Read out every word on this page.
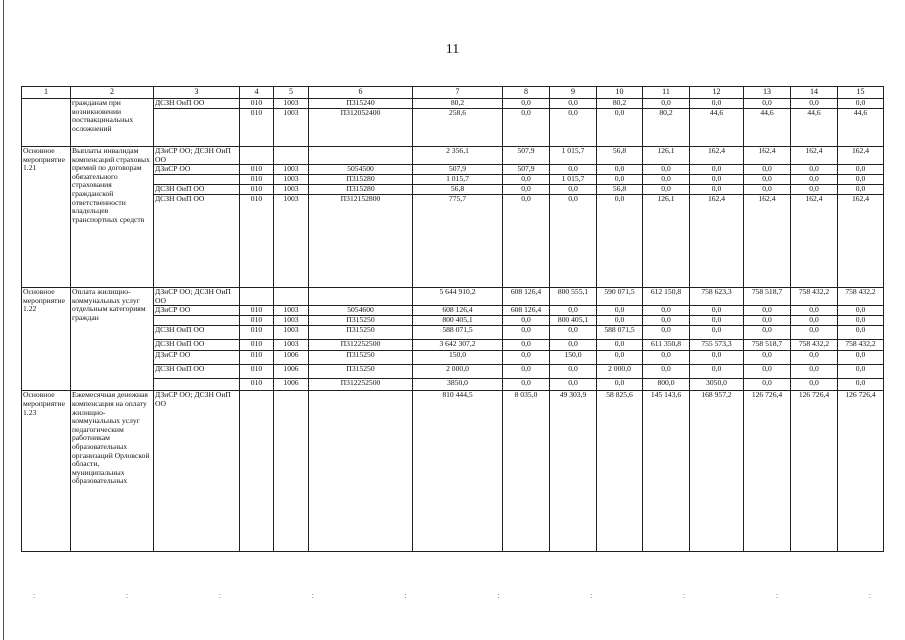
11
1	2	3	4	5	6	7	8	9	10	11	12	13	14	15
	гражданам при возникновении поствакцинальных осложнений	ДСЗН ОиП ОО	010	1003	П315240	80,2	0,0	0,0	80,2	0,0	0,0	0,0	0,0	0,0
			010	1003	П312052400	258,6	0,0	0,0	0,0	80,2	44,6	44,6	44,6	44,6
Основное мероприятие 1.21	Выплаты инвалидам компенсаций страховых премий по договорам обязательного страхования гражданской ответственности владельцев транспортных средств	ДЗиСР ОО; ДСЗН ОиП ОО				2 356,1	507,9	1 015,7	56,8	126,1	162,4	162,4	162,4	162,4
		ДЗиСР ОО	010	1003	5054500	507,9	507,9	0,0	0,0	0,0	0,0	0,0	0,0	0,0
			010	1003	П315280	1 015,7	0,0	1 015,7	0,0	0,0	0,0	0,0	0,0	0,0
		ДСЗН ОиП ОО	010	1003	П315280	56,8	0,0	0,0	56,8	0,0	0,0	0,0	0,0	0,0
		ДСЗН ОиП ОО	010	1003	П312152800	775,7	0,0	0,0	0,0	126,1	162,4	162,4	162,4	162,4
Основное мероприятие 1.22	Оплата жилищно-коммунальных услуг отдельным категориям граждан	ДЗиСР ОО; ДСЗН ОиП ОО				5 644 910,2	608 126,4	800 555,1	590 071,5	612 150,8	758 623,3	758 518,7	758 432,2	758 432,2
		ДЗиСР ОО	010	1003	5054600	608 126,4	608 126,4	0,0	0,0	0,0	0,0	0,0	0,0	0,0
			010	1003	П315250	800 405,1	0,0	800 405,1	0,0	0,0	0,0	0,0	0,0	0,0
		ДСЗН ОиП ОО	010	1003	П315250	588 071,5	0,0	0,0	588 071,5	0,0	0,0	0,0	0,0	0,0
		ДСЗН ОиП ОО	010	1003	П312252500	3 642 307,2	0,0	0,0	0,0	611 350,8	755 573,3	758 518,7	758 432,2	758 432,2
		ДЗиСР ОО	010	1006	П315250	150,0	0,0	150,0	0,0	0,0	0,0	0,0	0,0	0,0
		ДСЗН ОиП ОО	010	1006	П315250	2 000,0	0,0	0,0	2 000,0	0,0	0,0	0,0	0,0	0,0
			010	1006	П312252500	3850,0	0,0	0,0	0,0	800,0	3050,0	0,0	0,0	0,0
Основное мероприятие 1.23	Ежемесячная денежная компенсация на оплату жилищно-коммунальных услуг педагогическим работникам образовательных организаций Орловской области, муниципальных образовательных	ДЗиСР ОО; ДСЗН ОиП ОО				810 444,5	8 035,0	49 303,9	58 825,6	145 143,6	168 957,2	126 726,4	126 726,4	126 726,4
:	:	:	:	:	:	:	:	:	:
